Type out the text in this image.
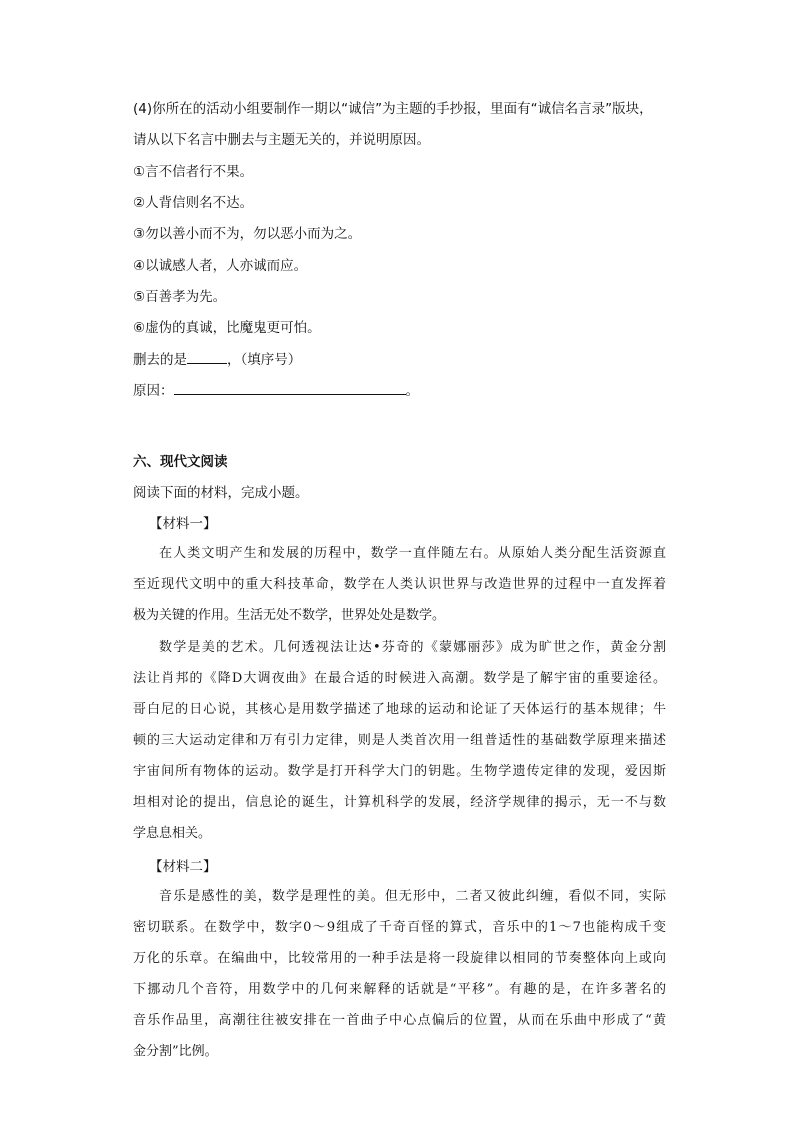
(4)你所在的活动小组要制作一期以“诚信”为主题的手抄报，里面有“诚信名言录”版块，
请从以下名言中删去与主题无关的，并说明原因。
①言不信者行不果。
②人背信则名不达。
③勿以善小而不为，勿以恶小而为之。
④以诚感人者，人亦诚而应。
⑤百善孝为先。
⑥虚伪的真诚，比魔鬼更可怕。
删去的是	，（填序号）
原因：	。
六、现代文阅读
阅读下面的材料，完成小题。
【材料一】
在人类文明产生和发展的历程中，数学一直伴随左右。从原始人类分配生活资源直
至近现代文明中的重大科技革命，数学在人类认识世界与改造世界的过程中一直发挥着
极为关键的作用。生活无处不数学，世界处处是数学。
数学是美的艺术。几何透视法让达•芬奇的《蒙娜丽莎》成为旷世之作，黄金分割
法让肖邦的《降D大调夜曲》在最合适的时候进入高潮。数学是了解宇宙的重要途径。
哥白尼的日心说，其核心是用数学描述了地球的运动和论证了天体运行的基本规律；牛
顿的三大运动定律和万有引力定律，则是人类首次用一组普适性的基础数学原理来描述
宇宙间所有物体的运动。数学是打开科学大门的钥匙。生物学遗传定律的发现，爱因斯
坦相对论的提出，信息论的诞生，计算机科学的发展，经济学规律的揭示，无一不与数
学息息相关。
【材料二】
音乐是感性的美，数学是理性的美。但无形中，二者又彼此纠缠，看似不同，实际
密切联系。在数学中，数字0～9组成了千奇百怪的算式，音乐中的1～7也能构成千变
万化的乐章。在编曲中，比较常用的一种手法是将一段旋律以相同的节奏整体向上或向
下挪动几个音符，用数学中的几何来解释的话就是“平移”。有趣的是，在许多著名的
音乐作品里，高潮往往被安排在一首曲子中心点偏后的位置，从而在乐曲中形成了“黄
金分割”比例。
